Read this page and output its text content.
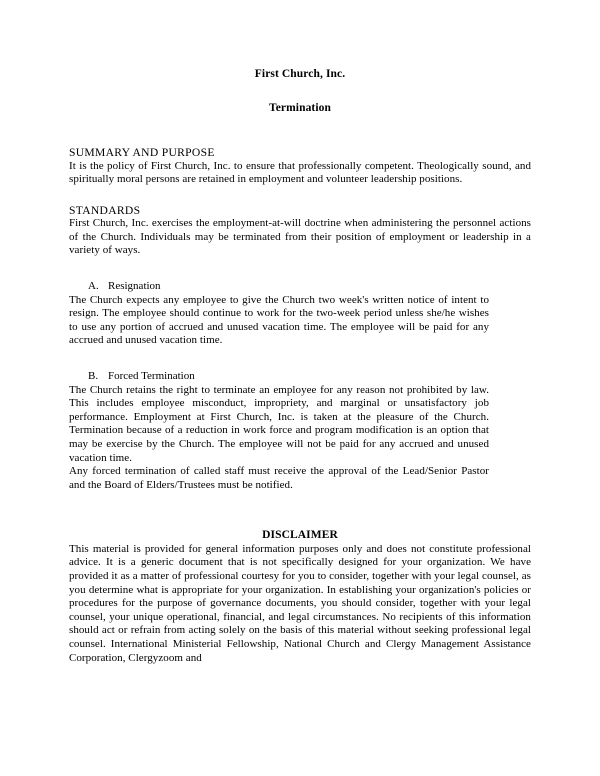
First Church, Inc.
Termination
SUMMARY AND PURPOSE

It is the policy of First Church, Inc. to ensure that professionally competent. Theologically sound, and spiritually moral persons are retained in employment and volunteer leadership positions.

STANDARDS

First Church, Inc. exercises the employment-at-will doctrine when administering the personnel actions of the Church. Individuals may be terminated from their position of employment or leadership in a variety of ways.

A. Resignation

The Church expects any employee to give the Church two week's written notice of intent to resign. The employee should continue to work for the two-week period unless she/he wishes to use any portion of accrued and unused vacation time. The employee will be paid for any accrued and unused vacation time.

B. Forced Termination

The Church retains the right to terminate an employee for any reason not prohibited by law. This includes employee misconduct, impropriety, and marginal or unsatisfactory job performance. Employment at First Church, Inc. is taken at the pleasure of the Church. Termination because of a reduction in work force and program modification is an option that may be exercise by the Church. The employee will not be paid for any accrued and unused vacation time.

Any forced termination of called staff must receive the approval of the Lead/Senior Pastor and the Board of Elders/Trustees must be notified.

DISCLAIMER

This material is provided for general information purposes only and does not constitute professional advice. It is a generic document that is not specifically designed for your organization. We have provided it as a matter of professional courtesy for you to consider, together with your legal counsel, as you determine what is appropriate for your organization. In establishing your organization's policies or procedures for the purpose of governance documents, you should consider, together with your legal counsel, your unique operational, financial, and legal circumstances. No recipients of this information should act or refrain from acting solely on the basis of this material without seeking professional legal counsel. International Ministerial Fellowship, National Church and Clergy Management Assistance Corporation, Clergyzoom and
